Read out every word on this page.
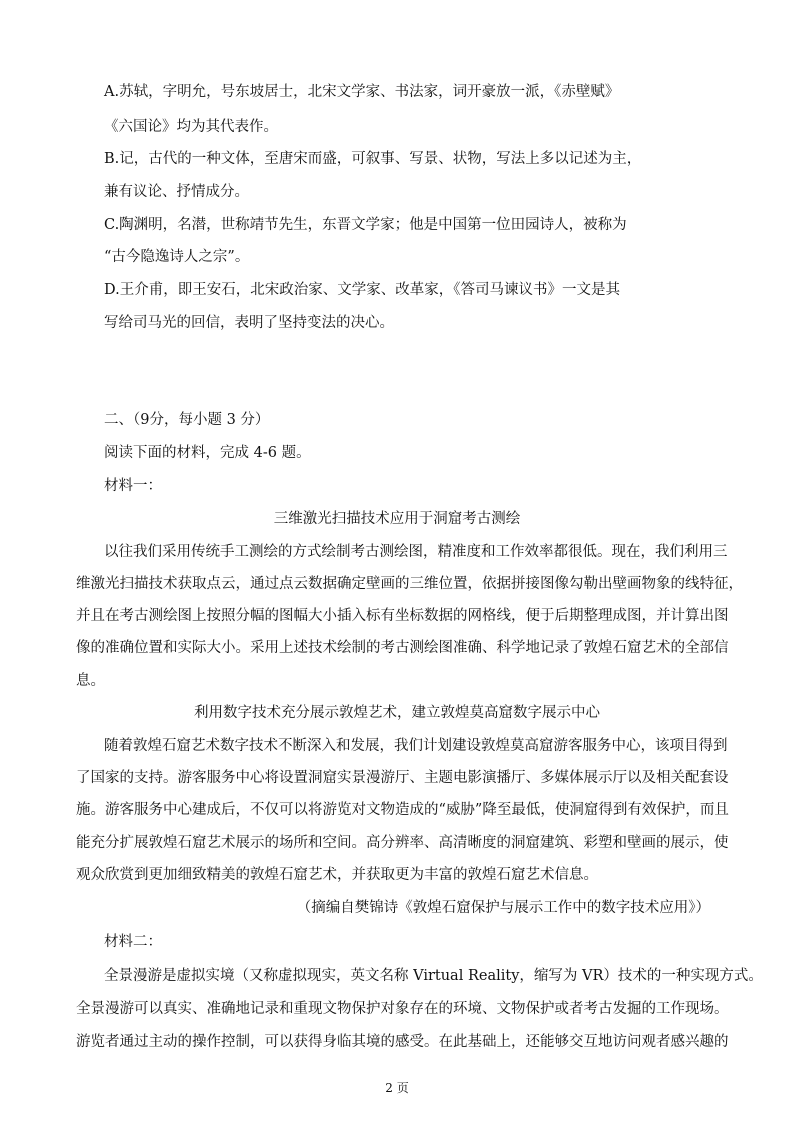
A.苏轼，字明允，号东坡居士，北宋文学家、书法家，词开豪放一派，《赤壁赋》
《六国论》均为其代表作。
B.记，古代的一种文体，至唐宋而盛，可叙事、写景、状物，写法上多以记述为主，
兼有议论、抒情成分。
C.陶渊明，名潜，世称靖节先生，东晋文学家；他是中国第一位田园诗人，被称为
“古今隐逸诗人之宗”。
D.王介甫，即王安石，北宋政治家、文学家、改革家，《答司马谏议书》一文是其
写给司马光的回信，表明了坚持变法的决心。
二、（9分，每小题 3 分）
阅读下面的材料，完成 4-6 题。
材料一：
三维激光扫描技术应用于洞窟考古测绘
以往我们采用传统手工测绘的方式绘制考古测绘图，精准度和工作效率都很低。现在，我们利用三
维激光扫描技术获取点云，通过点云数据确定壁画的三维位置，依据拼接图像勾勒出壁画物象的线特征，
并且在考古测绘图上按照分幅的图幅大小插入标有坐标数据的网格线，便于后期整理成图，并计算出图
像的准确位置和实际大小。采用上述技术绘制的考古测绘图准确、科学地记录了敦煌石窟艺术的全部信
息。
利用数字技术充分展示敦煌艺术，建立敦煌莫高窟数字展示中心
随着敦煌石窟艺术数字技术不断深入和发展，我们计划建设敦煌莫高窟游客服务中心，该项目得到
了国家的支持。游客服务中心将设置洞窟实景漫游厅、主题电影演播厅、多媒体展示厅以及相关配套设
施。游客服务中心建成后，不仅可以将游览对文物造成的“威胁”降至最低，使洞窟得到有效保护，而且
能充分扩展敦煌石窟艺术展示的场所和空间。高分辨率、高清晰度的洞窟建筑、彩塑和壁画的展示，使
观众欣赏到更加细致精美的敦煌石窟艺术，并获取更为丰富的敦煌石窟艺术信息。
（摘编自樊锦诗《敦煌石窟保护与展示工作中的数字技术应用》）
材料二：
全景漫游是虚拟实境（又称虚拟现实，英文名称 Virtual Reality，缩写为 VR）技术的一种实现方式。
全景漫游可以真实、准确地记录和重现文物保护对象存在的环境、文物保护或者考古发掘的工作现场。
游览者通过主动的操作控制，可以获得身临其境的感受。在此基础上，还能够交互地访问观者感兴趣的
2 页
